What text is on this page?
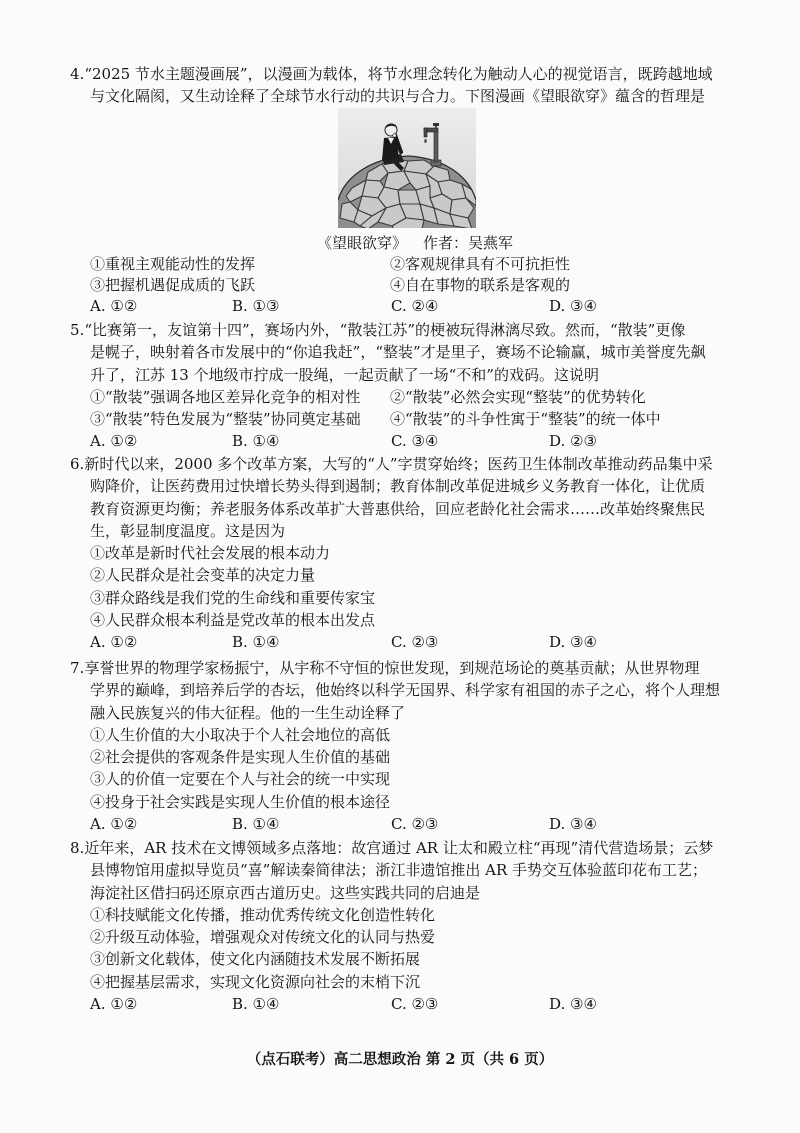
4.“2025 节水主题漫画展”，以漫画为载体，将节水理念转化为触动人心的视觉语言，既跨越地域
与文化隔阂，又生动诠释了全球节水行动的共识与合力。下图漫画《望眼欲穿》蕴含的哲理是
《望眼欲穿》 作者：吴燕军
①重视主观能动性的发挥	②客观规律具有不可抗拒性
③把握机遇促成质的飞跃	④自在事物的联系是客观的
A. ①②	B. ①③	C. ②④	D. ③④
5.“比赛第一，友谊第十四”，赛场内外，“散装江苏”的梗被玩得淋漓尽致。然而，“散装”更像
是幌子，映射着各市发展中的“你追我赶”，“整装”才是里子，赛场不论输赢，城市美誉度先飙
升了，江苏 13 个地级市拧成一股绳，一起贡献了一场“不和”的戏码。这说明
①“散装”强调各地区差异化竞争的相对性 ②“散装”必然会实现“整装”的优势转化
③“散装”特色发展为“整装”协同奠定基础 ④“散装”的斗争性寓于“整装”的统一体中
A. ①②	B. ①④	C. ③④	D. ②③
6.新时代以来，2000 多个改革方案，大写的“人”字贯穿始终；医药卫生体制改革推动药品集中采
购降价，让医药费用过快增长势头得到遏制；教育体制改革促进城乡义务教育一体化，让优质
教育资源更均衡；养老服务体系改革扩大普惠供给，回应老龄化社会需求……改革始终聚焦民
生，彰显制度温度。这是因为
①改革是新时代社会发展的根本动力
②人民群众是社会变革的决定力量
③群众路线是我们党的生命线和重要传家宝
④人民群众根本利益是党改革的根本出发点
A. ①②	B. ①④	C. ②③	D. ③④
7.享誉世界的物理学家杨振宁，从宇称不守恒的惊世发现，到规范场论的奠基贡献；从世界物理
学界的巅峰，到培养后学的杏坛，他始终以科学无国界、科学家有祖国的赤子之心，将个人理想
融入民族复兴的伟大征程。他的一生生动诠释了
①人生价值的大小取决于个人社会地位的高低
②社会提供的客观条件是实现人生价值的基础
③人的价值一定要在个人与社会的统一中实现
④投身于社会实践是实现人生价值的根本途径
A. ①②	B. ①④	C. ②③	D. ③④
8.近年来，AR 技术在文博领域多点落地：故宫通过 AR 让太和殿立柱“再现”清代营造场景；云梦
县博物馆用虚拟导览员“喜”解读秦简律法；浙江非遗馆推出 AR 手势交互体验蓝印花布工艺；
海淀社区借扫码还原京西古道历史。这些实践共同的启迪是
①科技赋能文化传播，推动优秀传统文化创造性转化
②升级互动体验，增强观众对传统文化的认同与热爱
③创新文化载体，使文化内涵随技术发展不断拓展
④把握基层需求，实现文化资源向社会的末梢下沉
A. ①②	B. ①④	C. ②③	D. ③④
（点石联考）高二思想政治 第 2 页（共 6 页）
